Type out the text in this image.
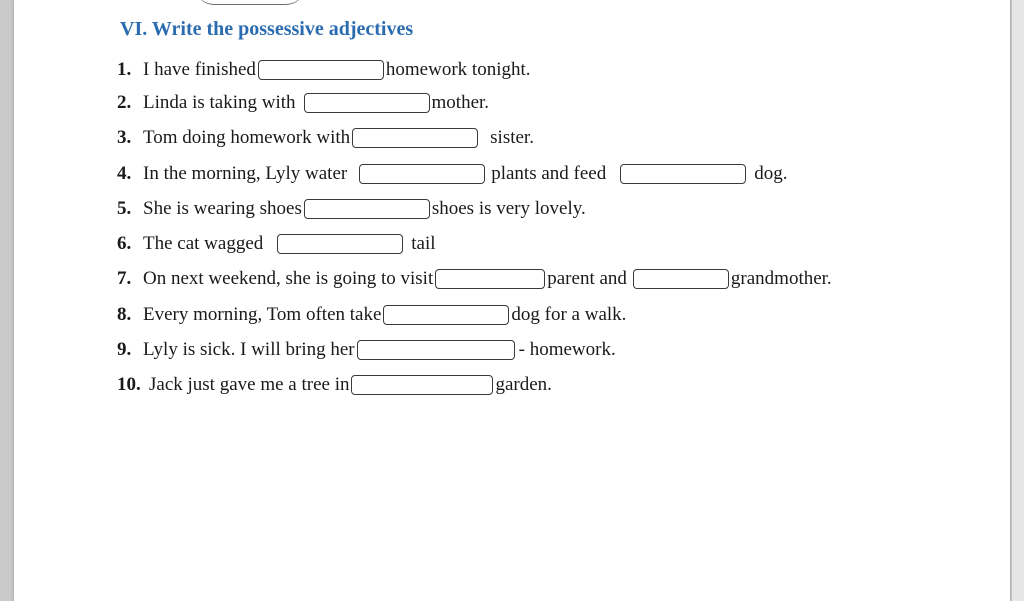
VI. Write the possessive adjectives
1. I have finished	homework tonight.
2. Linda is taking with	mother.
3. Tom doing homework with	sister.
4. In the morning, Lyly water	plants and feed	dog.
5. She is wearing shoes	shoes is very lovely.
6. The cat wagged	tail
7. On next weekend, she is going to visit	parent and	grandmother.
8. Every morning, Tom often take	dog for a walk.
9. Lyly is sick. I will bring her	- homework.
10. Jack just gave me a tree in	garden.
